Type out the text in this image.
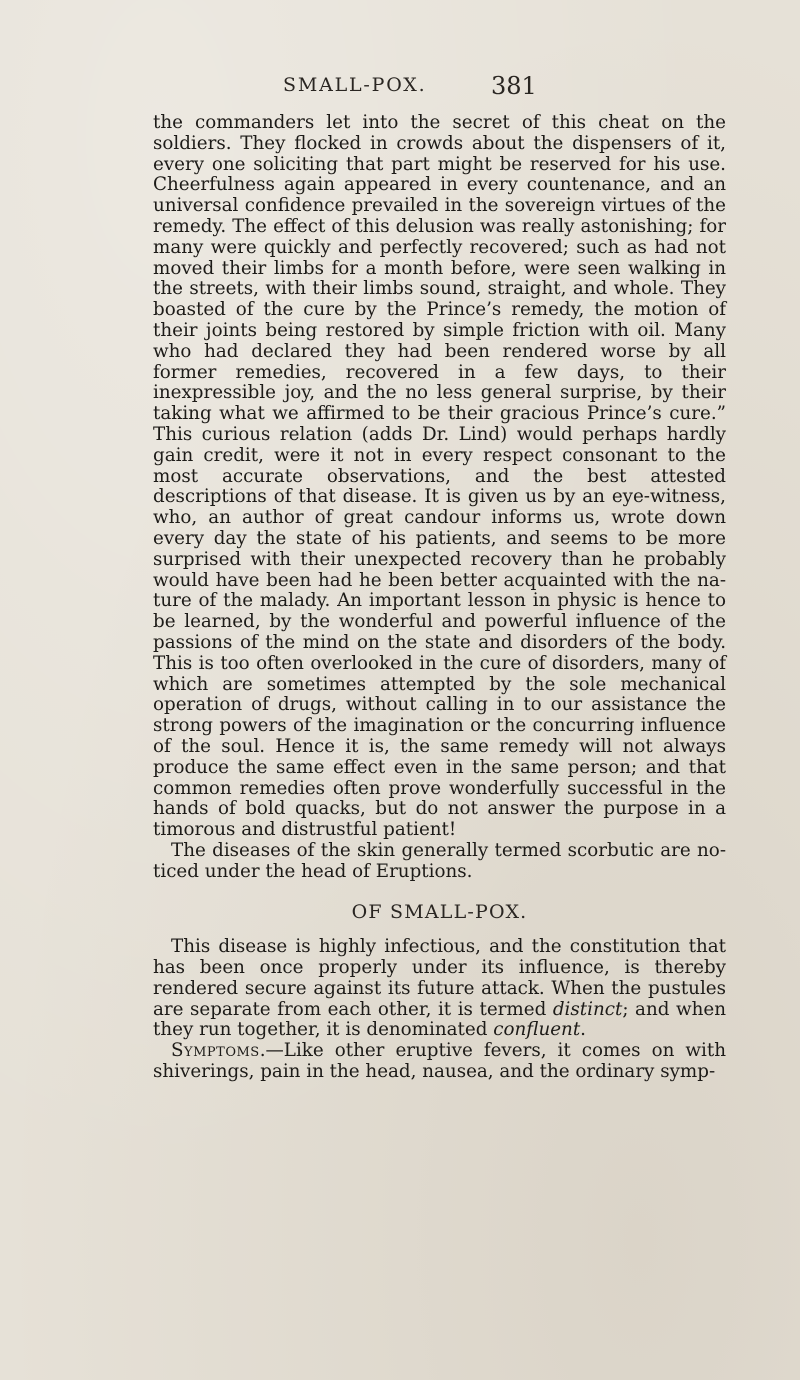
SMALL-POX.	381

the commanders let into the secret of this cheat on the soldiers. They flocked in crowds about the dispensers of it, every one soliciting that part might be reserved for his use. Cheerfulness again appeared in every countenance, and an universal confidence prevailed in the sovereign virtues of the remedy. The effect of this delusion was really astonishing; for many were quickly and perfectly recovered; such as had not moved their limbs for a month before, were seen walking in the streets, with their limbs sound, straight, and whole. They boasted of the cure by the Prince’s remedy, the motion of their joints being restored by simple friction with oil. Many who had declared they had been rendered worse by all former remedies, recovered in a few days, to their inexpressible joy, and the no less general surprise, by their taking what we affirmed to be their gracious Prince’s cure.” This curious relation (adds Dr. Lind) would perhaps hardly gain credit, were it not in every respect consonant to the most accurate observations, and the best attested descriptions of that disease. It is given us by an eye-witness, who, an author of great candour informs us, wrote down every day the state of his patients, and seems to be more surprised with their unexpected recovery than he probably would have been had he been better acquainted with the nature of the malady. An important lesson in physic is hence to be learned, by the wonderful and powerful influence of the passions of the mind on the state and disorders of the body. This is too often overlooked in the cure of disorders, many of which are sometimes attempted by the sole mechanical operation of drugs, without calling in to our assistance the strong powers of the imagination or the concurring influence of the soul. Hence it is, the same remedy will not always produce the same effect even in the same person; and that common remedies often prove wonderfully successful in the hands of bold quacks, but do not answer the purpose in a timorous and distrustful patient!

The diseases of the skin generally termed scorbutic are noticed under the head of Eruptions.

OF SMALL-POX.

This disease is highly infectious, and the constitution that has been once properly under its influence, is thereby rendered secure against its future attack. When the pustules are separate from each other, it is termed distinct; and when they run together, it is denominated confluent.

Symptoms.—Like other eruptive fevers, it comes on with shiverings, pain in the head, nausea, and the ordinary symp-
